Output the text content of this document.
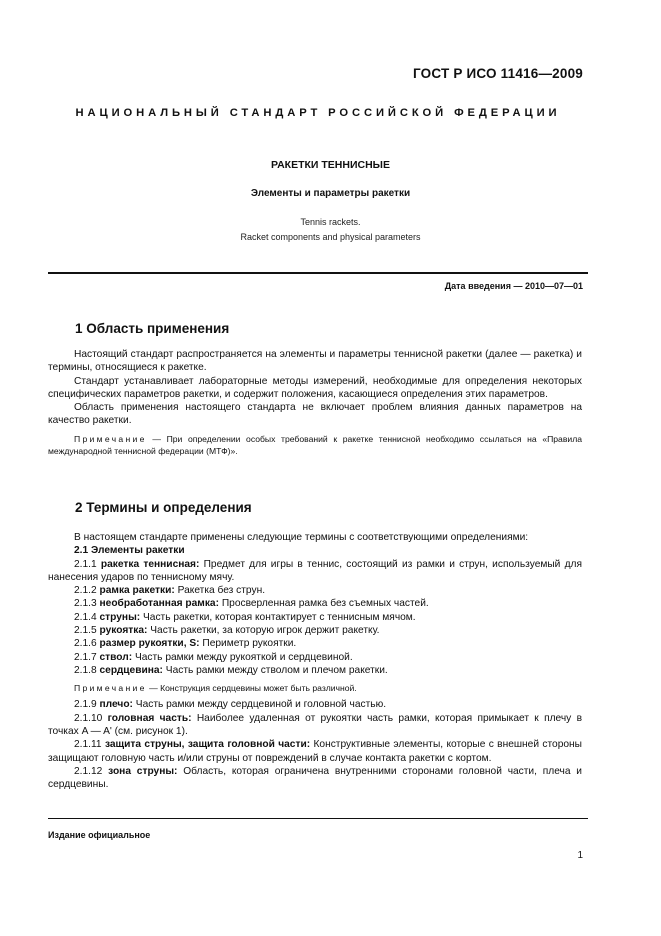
ГОСТ Р ИСО 11416—2009
НАЦИОНАЛЬНЫЙ СТАНДАРТ РОССИЙСКОЙ ФЕДЕРАЦИИ
РАКЕТКИ ТЕННИСНЫЕ
Элементы и параметры ракетки
Tennis rackets.
Racket components and physical parameters
Дата введения — 2010—07—01
1 Область применения

Настоящий стандарт распространяется на элементы и параметры теннисной ракетки (далее — ракетка) и термины, относящиеся к ракетке.

Стандарт устанавливает лабораторные методы измерений, необходимые для определения некоторых специфических параметров ракетки, и содержит положения, касающиеся определения этих параметров.

Область применения настоящего стандарта не включает проблем влияния данных параметров на качество ракетки.

Примечание — При определении особых требований к ракетке теннисной необходимо ссылаться на «Правила международной теннисной федерации (МТФ)».

2 Термины и определения

В настоящем стандарте применены следующие термины с соответствующими определениями:

2.1 Элементы ракетки

2.1.1 ракетка теннисная: Предмет для игры в теннис, состоящий из рамки и струн, используемый для нанесения ударов по теннисному мячу.

2.1.2 рамка ракетки: Ракетка без струн.

2.1.3 необработанная рамка: Просверленная рамка без съемных частей.

2.1.4 струны: Часть ракетки, которая контактирует с теннисным мячом.

2.1.5 рукоятка: Часть ракетки, за которую игрок держит ракетку.

2.1.6 размер рукоятки, S: Периметр рукоятки.

2.1.7 ствол: Часть рамки между рукояткой и сердцевиной.

2.1.8 сердцевина: Часть рамки между стволом и плечом ракетки.

Примечание — Конструкция сердцевины может быть различной.

2.1.9 плечо: Часть рамки между сердцевиной и головной частью.

2.1.10 головная часть: Наиболее удаленная от рукоятки часть рамки, которая примыкает к плечу в точках A — A' (см. рисунок 1).

2.1.11 защита струны, защита головной части: Конструктивные элементы, которые с внешней стороны защищают головную часть и/или струны от повреждений в случае контакта ракетки с кортом.

2.1.12 зона струны: Область, которая ограничена внутренними сторонами головной части, плеча и сердцевины.

Издание официальное
1
